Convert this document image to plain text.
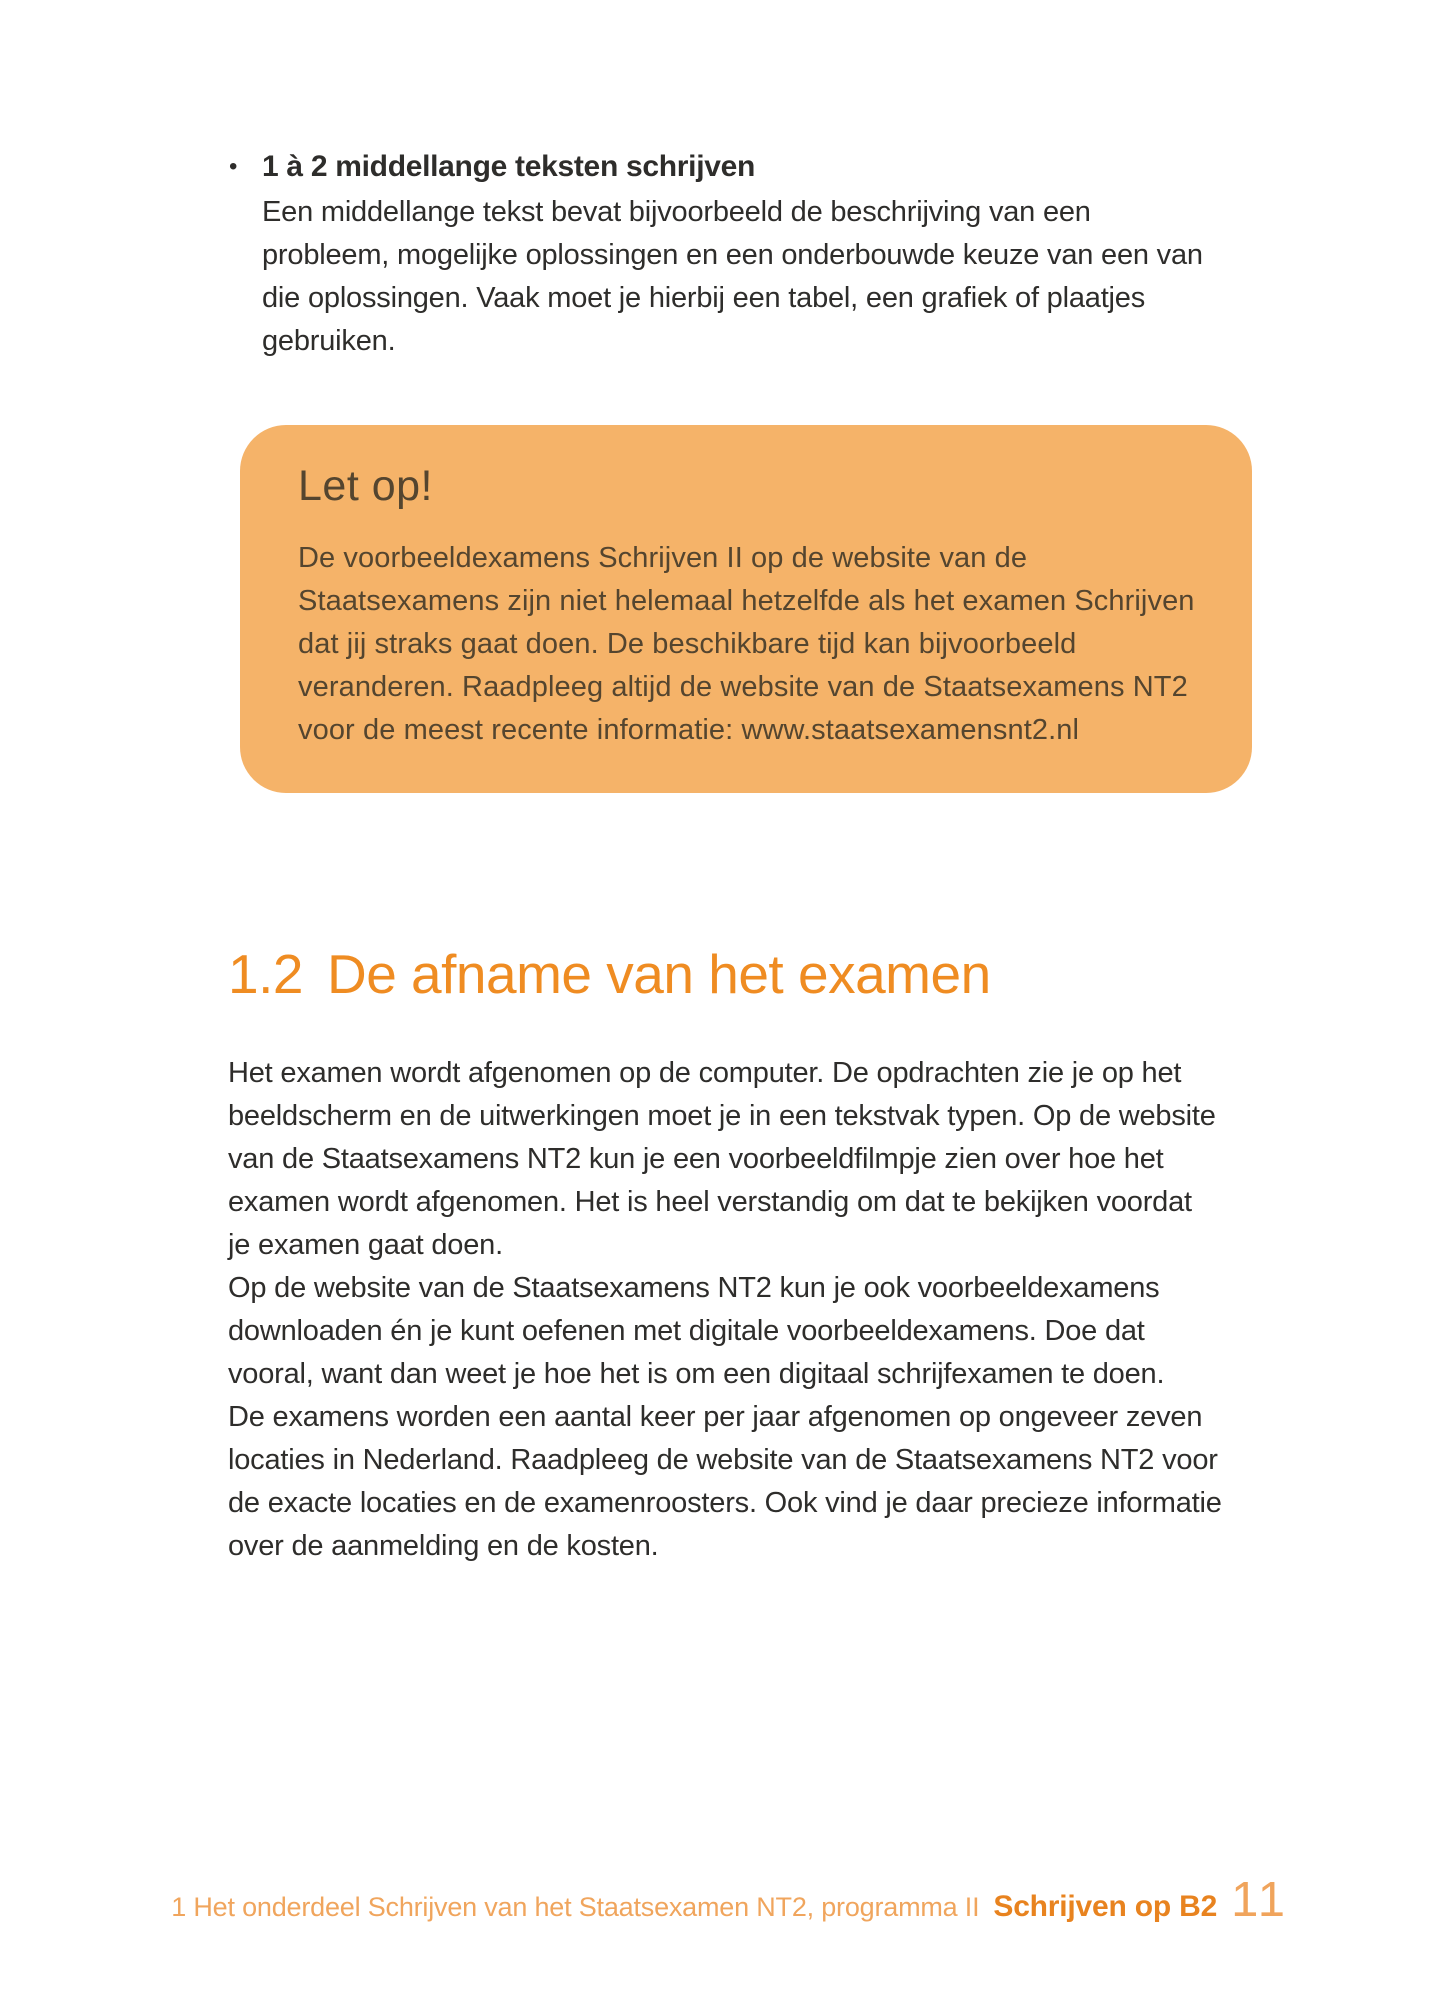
• 1 à 2 middellange teksten schrijven
Een middellange tekst bevat bijvoorbeeld de beschrijving van een
probleem, mogelijke oplossingen en een onderbouwde keuze van een van
die oplossingen. Vaak moet je hierbij een tabel, een grafiek of plaatjes
gebruiken.
Let op!
De voorbeeldexamens Schrijven II op de website van de
Staatsexamens zijn niet helemaal hetzelfde als het examen Schrijven
dat jij straks gaat doen. De beschikbare tijd kan bijvoorbeeld
veranderen. Raadpleeg altijd de website van de Staatsexamens NT2
voor de meest recente informatie: www.staatsexamensnt2.nl
1.2 De afname van het examen
Het examen wordt afgenomen op de computer. De opdrachten zie je op het
beeldscherm en de uitwerkingen moet je in een tekstvak typen. Op de website
van de Staatsexamens NT2 kun je een voorbeeldfilmpje zien over hoe het
examen wordt afgenomen. Het is heel verstandig om dat te bekijken voordat
je examen gaat doen.
Op de website van de Staatsexamens NT2 kun je ook voorbeeldexamens
downloaden én je kunt oefenen met digitale voorbeeldexamens. Doe dat
vooral, want dan weet je hoe het is om een digitaal schrijfexamen te doen.
De examens worden een aantal keer per jaar afgenomen op ongeveer zeven
locaties in Nederland. Raadpleeg de website van de Staatsexamens NT2 voor
de exacte locaties en de examenroosters. Ook vind je daar precieze informatie
over de aanmelding en de kosten.
1 Het onderdeel Schrijven van het Staatsexamen NT2, programma II Schrijven op B2 11
